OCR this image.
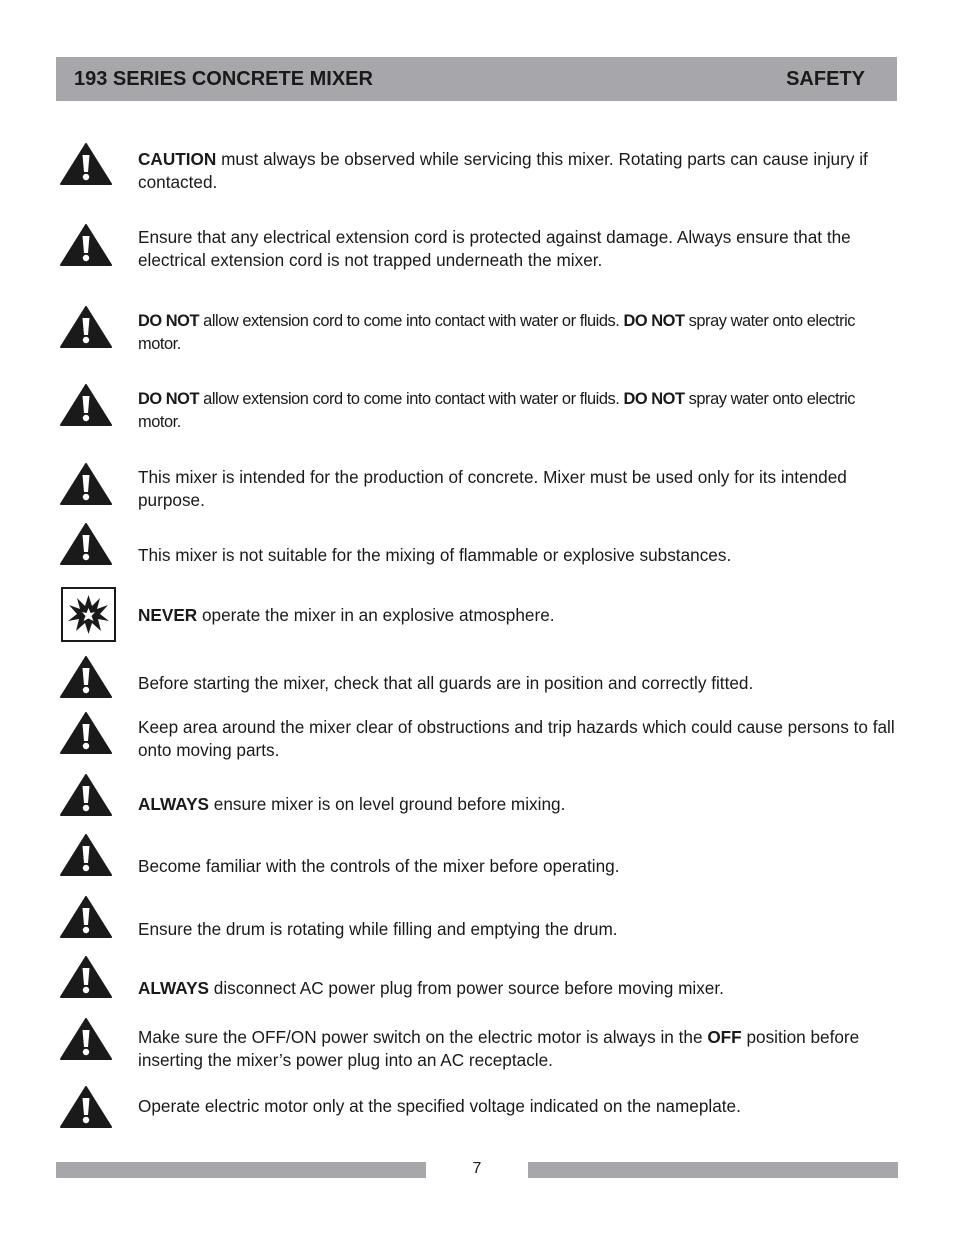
193 SERIES CONCRETE MIXER	SAFETY
CAUTION must always be observed while servicing this mixer. Rotating parts can cause injury if contacted.
Ensure that any electrical extension cord is protected against damage. Always ensure that the electrical extension cord is not trapped underneath the mixer.
DO NOT allow extension cord to come into contact with water or fluids. DO NOT spray water onto electric motor.
DO NOT allow extension cord to come into contact with water or fluids. DO NOT spray water onto electric motor.
This mixer is intended for the production of concrete. Mixer must be used only for its intended purpose.
This mixer is not suitable for the mixing of flammable or explosive substances.
NEVER operate the mixer in an explosive atmosphere.
Before starting the mixer, check that all guards are in position and correctly fitted.
Keep area around the mixer clear of obstructions and trip hazards which could cause persons to fall onto moving parts.
ALWAYS ensure mixer is on level ground before mixing.
Become familiar with the controls of the mixer before operating.
Ensure the drum is rotating while filling and emptying the drum.
ALWAYS disconnect AC power plug from power source before moving mixer.
Make sure the OFF/ON power switch on the electric motor is always in the OFF position before inserting the mixer’s power plug into an AC receptacle.
Operate electric motor only at the specified voltage indicated on the nameplate.
7
